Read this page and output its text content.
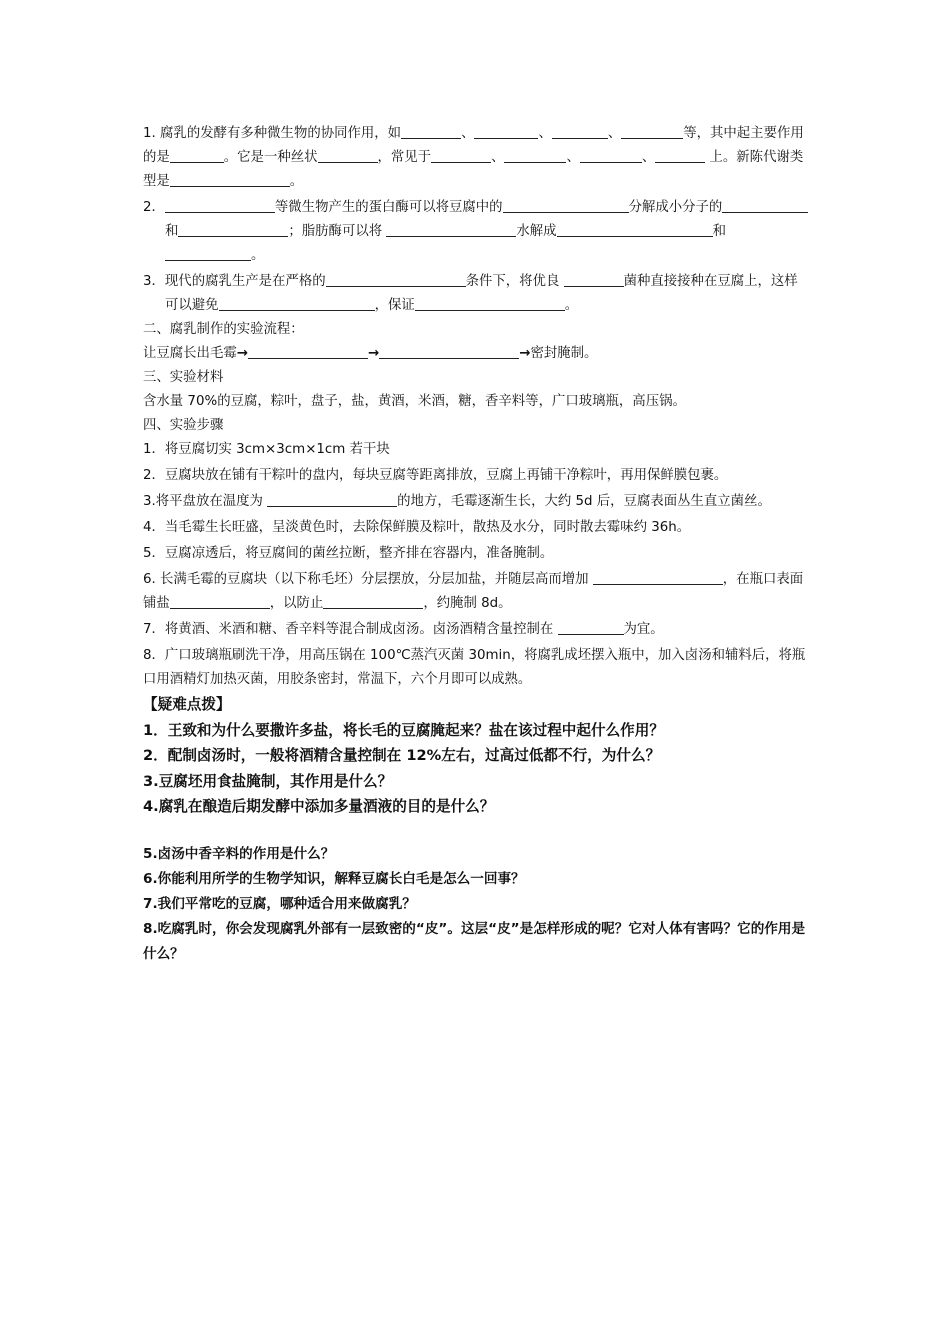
1. 腐乳的发酵有多种微生物的协同作用，如	、	、	、	等，其中起主要作用的是	。它是一种丝状	，常见于	、	、	、	上。新陈代谢类型是	。

2．	等微生物产生的蛋白酶可以将豆腐中的	分解成小分子的和	；脂肪酶可以将	水解成	和。

3．现代的腐乳生产是在严格的	条件下，将优良	菌种直接接种在豆腐上，这样可以避免	，保证	。

二、腐乳制作的实验流程：

让豆腐长出毛霉→	→	→密封腌制。

三、实验材料

含水量 70%的豆腐，粽叶，盘子，盐，黄酒，米酒，糖，香辛料等，广口玻璃瓶，高压锅。

四、实验步骤

1．将豆腐切实 3cm×3cm×1cm 若干块

2．豆腐块放在铺有干粽叶的盘内，每块豆腐等距离排放，豆腐上再铺干净粽叶，再用保鲜膜包裹。

3.将平盘放在温度为	的地方，毛霉逐渐生长，大约 5d 后，豆腐表面丛生直立菌丝。

4．当毛霉生长旺盛，呈淡黄色时，去除保鲜膜及粽叶，散热及水分，同时散去霉味约 36h。

5．豆腐凉透后，将豆腐间的菌丝拉断，整齐排在容器内，准备腌制。

6. 长满毛霉的豆腐块（以下称毛坯）分层摆放，分层加盐，并随层高而增加	，在瓶口表面铺盐	，以防止	，约腌制 8d。

7．将黄酒、米酒和糖、香辛料等混合制成卤汤。卤汤酒精含量控制在	为宜。

8．广口玻璃瓶刷洗干净，用高压锅在 100℃蒸汽灭菌 30min，将腐乳成坯摆入瓶中，加入卤汤和辅料后，将瓶口用酒精灯加热灭菌，用胶条密封，常温下，六个月即可以成熟。

【疑难点拨】

1．王致和为什么要撒许多盐，将长毛的豆腐腌起来？盐在该过程中起什么作用？

2．配制卤汤时，一般将酒精含量控制在 12%左右，过高过低都不行，为什么？

3.豆腐坯用食盐腌制，其作用是什么？

4.腐乳在酿造后期发酵中添加多量酒液的目的是什么？

5.卤汤中香辛料的作用是什么？

6.你能利用所学的生物学知识，解释豆腐长白毛是怎么一回事？

7.我们平常吃的豆腐，哪种适合用来做腐乳？

8.吃腐乳时，你会发现腐乳外部有一层致密的“皮”。这层“皮”是怎样形成的呢？它对人体有害吗？它的作用是什么？
